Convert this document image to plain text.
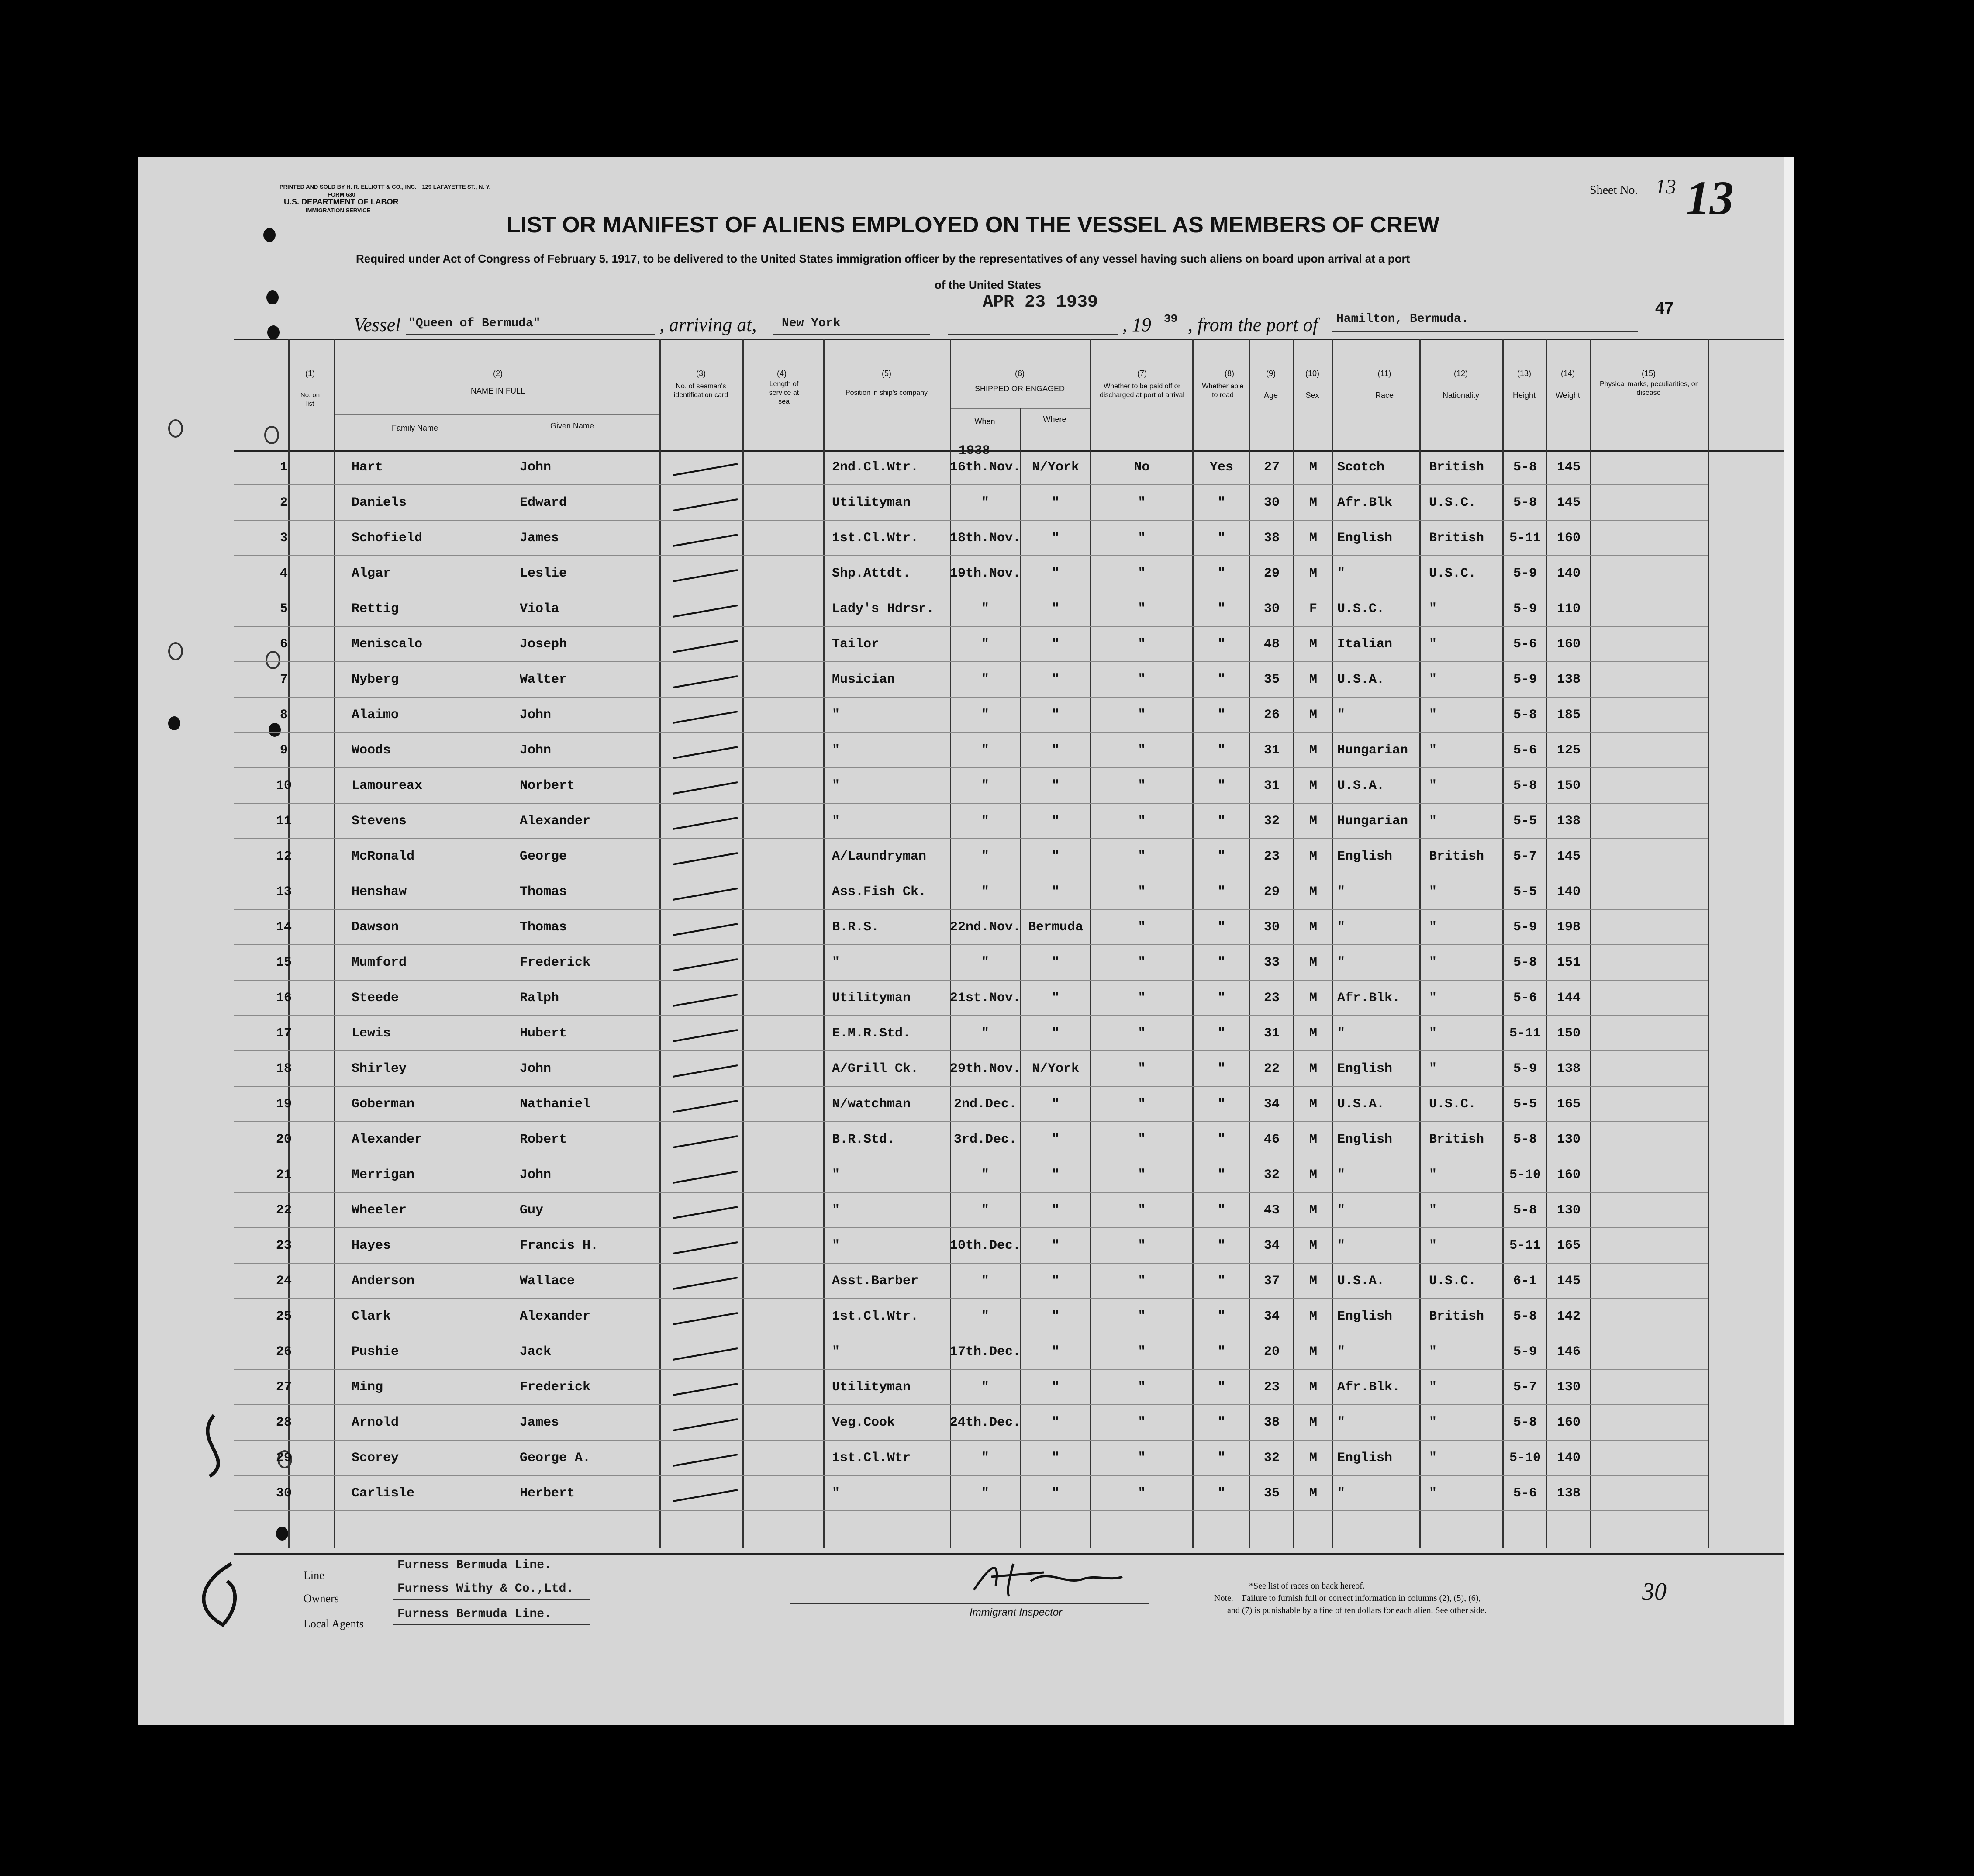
PRINTED AND SOLD BY H. R. ELLIOTT & CO., INC.—129 LAFAYETTE ST., N. Y.
FORM 630
U.S. DEPARTMENT OF LABOR
IMMIGRATION SERVICE
Sheet No. 13 13
LIST OR MANIFEST OF ALIENS EMPLOYED ON THE VESSEL AS MEMBERS OF CREW
Required under Act of Congress of February 5, 1917, to be delivered to the United States immigration officer by the representatives of any vessel having such aliens on board upon arrival at a port
of the United States
APR 23 1939	47
Vessel "Queen of Bermuda"	, arriving at, New York	, 19 39 , from the port of Hamilton, Bermuda.
(1)
No. on list
(2)
NAME IN FULL
Family Name	Given Name
(3)
No. of seaman's identification card
(4)
Length of service at sea
(5)
Position in ship's company
(6)
SHIPPED OR ENGAGED
When	Where
(7)
Whether to be paid off or discharged at port of arrival
(8)
Whether able to read
(9)
Age
(10)
Sex
(11)
Race
(12)
Nationality
(13)
Height
(14)
Weight
(15)
Physical marks, peculiarities, or disease
1938
1	Hart	John			2nd.Cl.Wtr.	16th.Nov.	N/York	No	Yes	27	M	Scotch	British	5-8	145	
2	Daniels	Edward			Utilityman	"	"	"	"	30	M	Afr.Blk	U.S.C.	5-8	145	
3	Schofield	James			1st.Cl.Wtr.	18th.Nov.	"	"	"	38	M	English	British	5-11	160	
4	Algar	Leslie			Shp.Attdt.	19th.Nov.	"	"	"	29	M	"	U.S.C.	5-9	140	
5	Rettig	Viola			Lady's Hdrsr.	"	"	"	"	30	F	U.S.C.	"	5-9	110	
6	Meniscalo	Joseph			Tailor	"	"	"	"	48	M	Italian	"	5-6	160	
7	Nyberg	Walter			Musician	"	"	"	"	35	M	U.S.A.	"	5-9	138	
8	Alaimo	John			"	"	"	"	"	26	M	"	"	5-8	185	
9	Woods	John			"	"	"	"	"	31	M	Hungarian	"	5-6	125	
10	Lamoureax	Norbert			"	"	"	"	"	31	M	U.S.A.	"	5-8	150	
11	Stevens	Alexander			"	"	"	"	"	32	M	Hungarian	"	5-5	138	
12	McRonald	George			A/Laundryman	"	"	"	"	23	M	English	British	5-7	145	
13	Henshaw	Thomas			Ass.Fish Ck.	"	"	"	"	29	M	"	"	5-5	140	
14	Dawson	Thomas			B.R.S.	22nd.Nov.	Bermuda	"	"	30	M	"	"	5-9	198	
15	Mumford	Frederick			"	"	"	"	"	33	M	"	"	5-8	151	
16	Steede	Ralph			Utilityman	21st.Nov.	"	"	"	23	M	Afr.Blk.	"	5-6	144	
17	Lewis	Hubert			E.M.R.Std.	"	"	"	"	31	M	"	"	5-11	150	
18	Shirley	John			A/Grill Ck.	29th.Nov.	N/York	"	"	22	M	English	"	5-9	138	
19	Goberman	Nathaniel			N/watchman	2nd.Dec.	"	"	"	34	M	U.S.A.	U.S.C.	5-5	165	
20	Alexander	Robert			B.R.Std.	3rd.Dec.	"	"	"	46	M	English	British	5-8	130	
21	Merrigan	John			"	"	"	"	"	32	M	"	"	5-10	160	
22	Wheeler	Guy			"	"	"	"	"	43	M	"	"	5-8	130	
23	Hayes	Francis H.			"	10th.Dec.	"	"	"	34	M	"	"	5-11	165	
24	Anderson	Wallace			Asst.Barber	"	"	"	"	37	M	U.S.A.	U.S.C.	6-1	145	
25	Clark	Alexander			1st.Cl.Wtr.	"	"	"	"	34	M	English	British	5-8	142	
26	Pushie	Jack			"	17th.Dec.	"	"	"	20	M	"	"	5-9	146	
27	Ming	Frederick			Utilityman	"	"	"	"	23	M	Afr.Blk.	"	5-7	130	
28	Arnold	James			Veg.Cook	24th.Dec.	"	"	"	38	M	"	"	5-8	160	
29	Scorey	George A.			1st.Cl.Wtr	"	"	"	"	32	M	English	"	5-10	140	
30	Carlisle	Herbert			"	"	"	"	"	35	M	"	"	5-6	138	
Line
Furness Bermuda Line.
Owners
Furness Withy & Co.,Ltd.
Local Agents
Furness Bermuda Line.	Immigrant Inspector
*See list of races on back hereof.
Note.—Failure to furnish full or correct information in columns (2), (5), (6),
and (7) is punishable by a fine of ten dollars for each alien. See other side.
30
